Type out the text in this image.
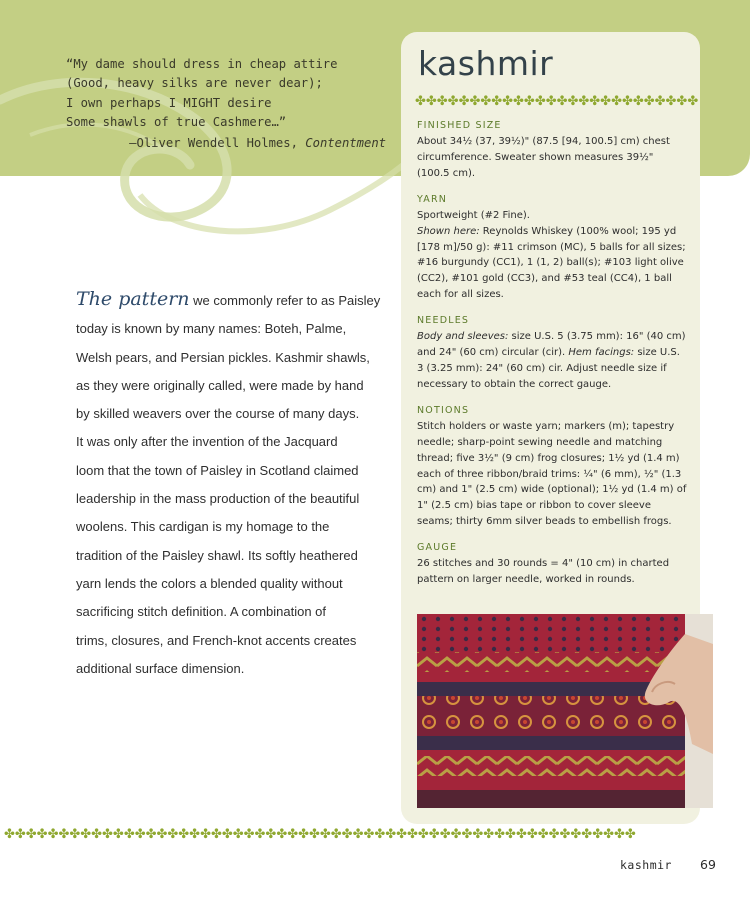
“My dame should dress in cheap attire
(Good, heavy silks are never dear);
I own perhaps I MIGHT desire
Some shawls of true Cashmere…”
—Oliver Wendell Holmes, Contentment
kashmir
✤✤✤✤✤✤✤✤✤✤✤✤✤✤✤✤✤✤✤✤✤✤✤✤✤✤
FINISHED SIZE

About 34½ (37, 39½)" (87.5 [94, 100.5] cm) chest circumference. Sweater shown measures 39½" (100.5 cm).

YARN

Sportweight (#2 Fine).
Shown here: Reynolds Whiskey (100% wool; 195 yd [178 m]/50 g): #11 crimson (MC), 5 balls for all sizes; #16 burgundy (CC1), 1 (1, 2) ball(s); #103 light olive (CC2), #101 gold (CC3), and #53 teal (CC4), 1 ball each for all sizes.

NEEDLES

Body and sleeves: size U.S. 5 (3.75 mm): 16" (40 cm) and 24" (60 cm) circular (cir). Hem facings: size U.S. 3 (3.25 mm): 24" (60 cm) cir. Adjust needle size if necessary to obtain the correct gauge.

NOTIONS

Stitch holders or waste yarn; markers (m); tapestry needle; sharp-point sewing needle and matching thread; five 3½" (9 cm) frog closures; 1½ yd (1.4 m) each of three ribbon/braid trims: ¼" (6 mm), ½" (1.3 cm) and 1" (2.5 cm) wide (optional); 1½ yd (1.4 m) of 1" (2.5 cm) bias tape or ribbon to cover sleeve seams; thirty 6mm silver beads to embellish frogs.

GAUGE

26 stitches and 30 rounds = 4" (10 cm) in charted pattern on larger needle, worked in rounds.

The pattern we commonly refer to as Paisley
today is known by many names: Boteh, Palme,
Welsh pears, and Persian pickles. Kashmir shawls,
as they were originally called, were made by hand
by skilled weavers over the course of many days.
It was only after the invention of the Jacquard
loom that the town of Paisley in Scotland claimed
leadership in the mass production of the beautiful
woolens. This cardigan is my homage to the
tradition of the Paisley shawl. Its softly heathered
yarn lends the colors a blended quality without
sacrificing stitch definition. A combination of
trims, closures, and French-knot accents creates
additional surface dimension.
✤✤✤✤✤✤✤✤✤✤✤✤✤✤✤✤✤✤✤✤✤✤✤✤✤✤✤✤✤✤✤✤✤✤✤✤✤✤✤✤✤✤✤✤✤✤✤✤✤✤✤✤✤✤✤✤✤✤
kashmir 69
